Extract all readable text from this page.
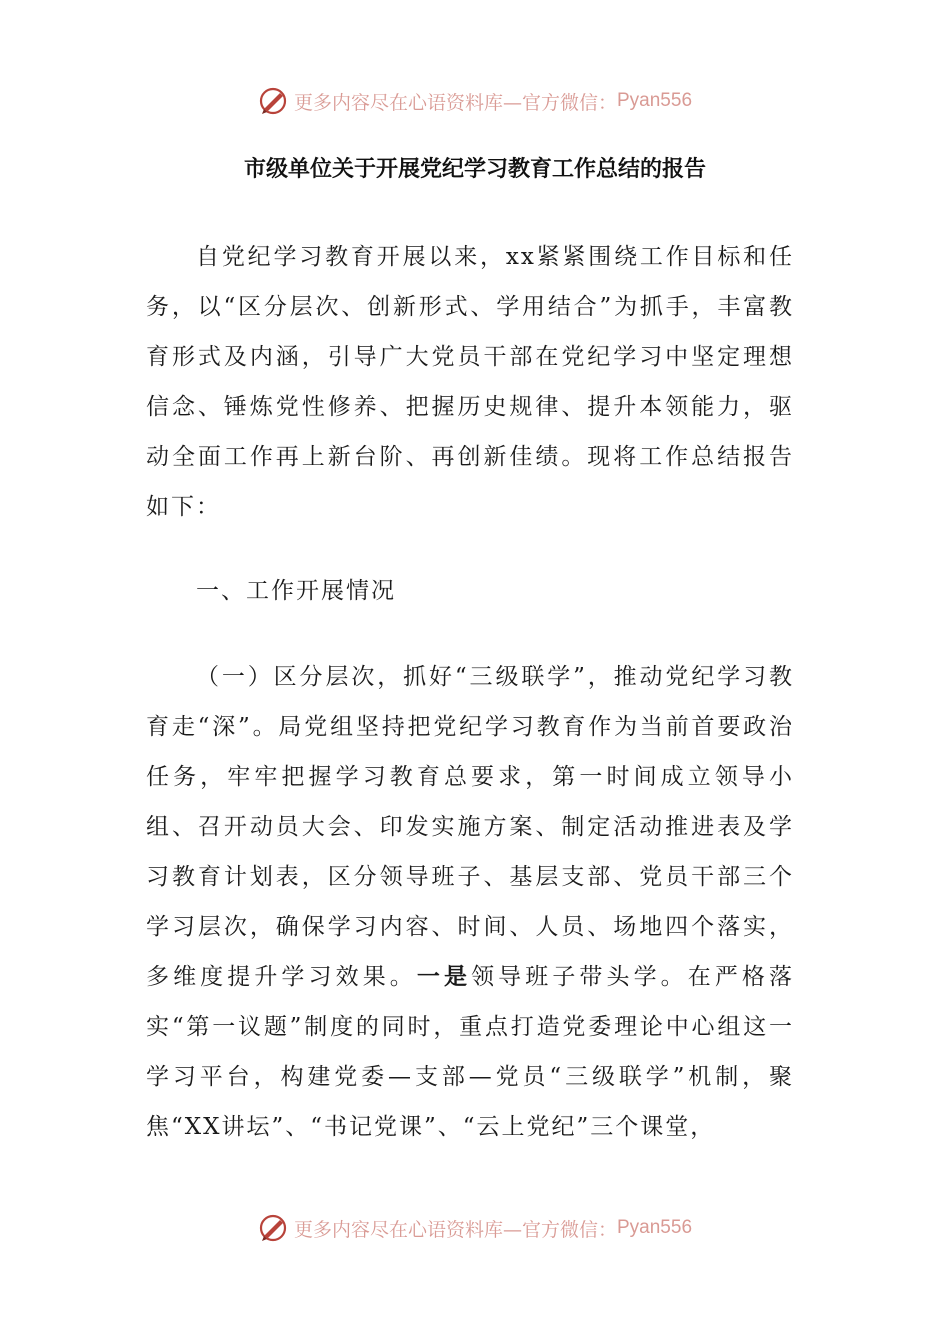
更多内容尽在心语资料库—官方微信： Pyan556
市级单位关于开展党纪学习教育工作总结的报告

自党纪学习教育开展以来，xx紧紧围绕工作目标和任务，以“区分层次、创新形式、学用结合”为抓手，丰富教育形式及内涵，引导广大党员干部在党纪学习中坚定理想信念、锤炼党性修养、把握历史规律、提升本领能力，驱动全面工作再上新台阶、再创新佳绩。现将工作总结报告如下：

一、工作开展情况

（一）区分层次，抓好“三级联学”，推动党纪学习教育走“深”。局党组坚持把党纪学习教育作为当前首要政治任务，牢牢把握学习教育总要求，第一时间成立领导小组、召开动员大会、印发实施方案、制定活动推进表及学习教育计划表，区分领导班子、基层支部、党员干部三个学习层次，确保学习内容、时间、人员、场地四个落实，多维度提升学习效果。一是领导班子带头学。在严格落实“第一议题”制度的同时，重点打造党委理论中心组这一学习平台，构建党委—支部—党员“三级联学”机制，聚焦“XX讲坛”、“书记党课”、“云上党纪”三个课堂，

更多内容尽在心语资料库—官方微信： Pyan556
